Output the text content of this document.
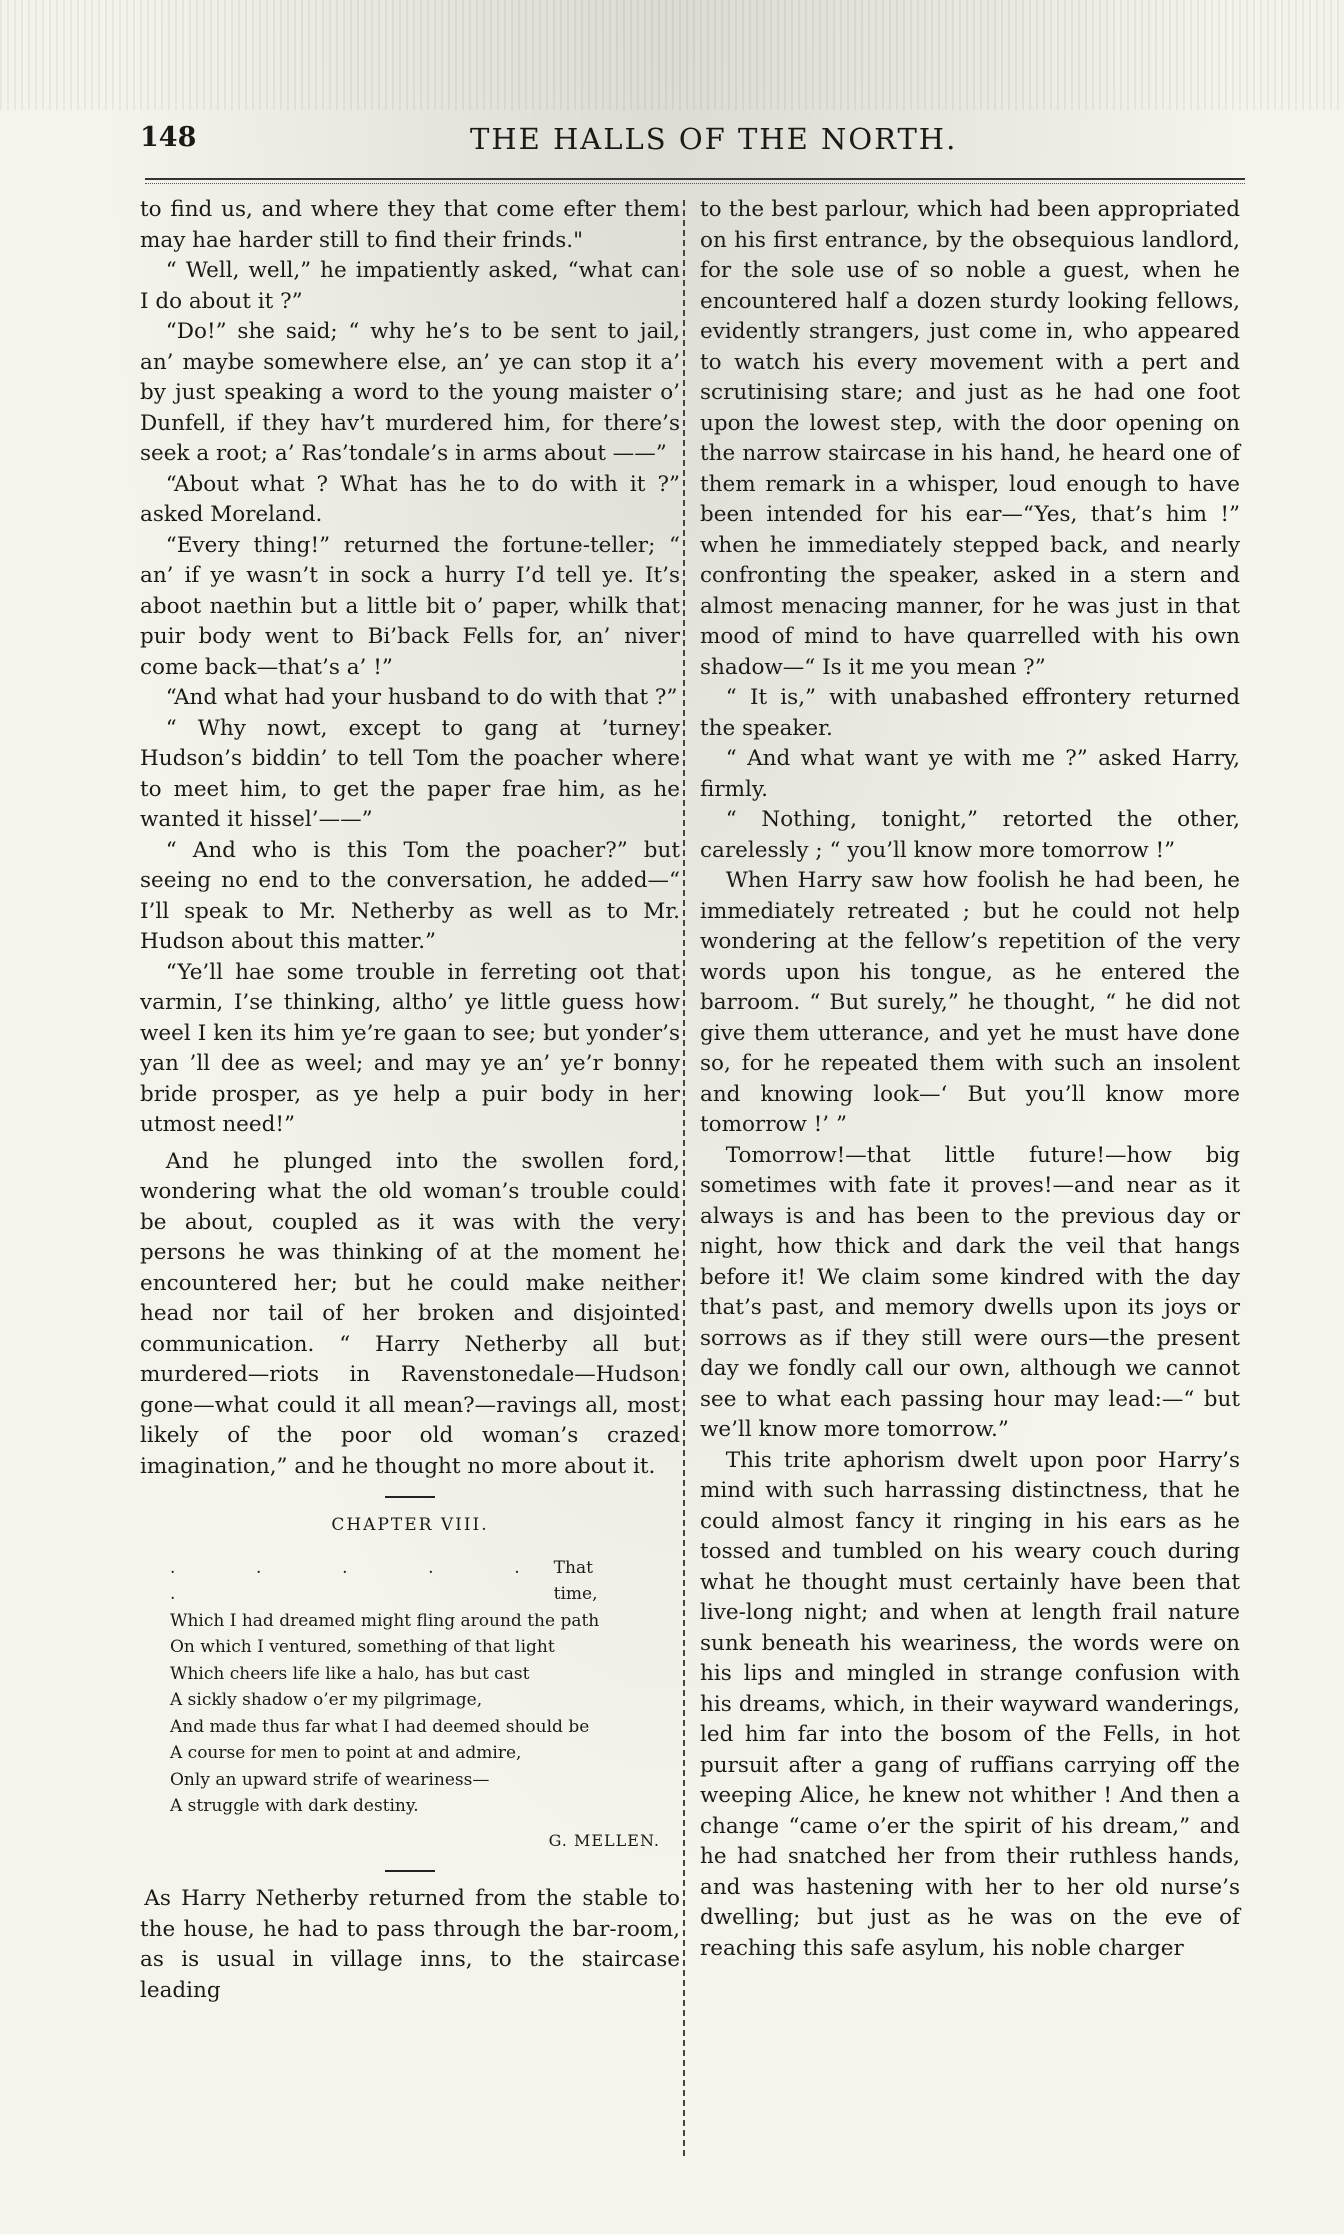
148	THE HALLS OF THE NORTH.

to find us, and where they that come efter them may hae harder still to find their frinds."

“ Well, well,” he impatiently asked, “what can I do about it ?”

“Do!” she said; “ why he’s to be sent to jail, an’ maybe somewhere else, an’ ye can stop it a’ by just speaking a word to the young maister o’ Dunfell, if they hav’t murdered him, for there’s seek a root; a’ Ras’tondale’s in arms about ——”

“About what ? What has he to do with it ?” asked Moreland.

“Every thing!” returned the fortune-teller; “ an’ if ye wasn’t in sock a hurry I’d tell ye. It’s aboot naethin but a little bit o’ paper, whilk that puir body went to Bi’back Fells for, an’ niver come back—that’s a’ !”

“And what had your husband to do with that ?”

“ Why nowt, except to gang at ’turney Hudson’s biddin’ to tell Tom the poacher where to meet him, to get the paper frae him, as he wanted it hissel’——”

“ And who is this Tom the poacher?” but seeing no end to the conversation, he added—“ I’ll speak to Mr. Netherby as well as to Mr. Hudson about this matter.”

“Ye’ll hae some trouble in ferreting oot that varmin, I’se thinking, altho’ ye little guess how weel I ken its him ye’re gaan to see; but yonder’s yan ’ll dee as weel; and may ye an’ ye’r bonny bride prosper, as ye help a puir body in her utmost need!”

And he plunged into the swollen ford, wondering what the old woman’s trouble could be about, coupled as it was with the very persons he was thinking of at the moment he encountered her; but he could make neither head nor tail of her broken and disjointed communication. “ Harry Netherby all but murdered—riots in Ravenstonedale—Hudson gone—what could it all mean?—ravings all, most likely of the poor old woman’s crazed imagination,” and he thought no more about it.

CHAPTER VIII.
. . . . . .
That time,
Which I had dreamed might fling around the path
On which I ventured, something of that light
Which cheers life like a halo, has but cast
A sickly shadow o’er my pilgrimage,
And made thus far what I had deemed should be
A course for men to point at and admire,
Only an upward strife of weariness—
A struggle with dark destiny.
G. MELLEN.

As Harry Netherby returned from the stable to the house, he had to pass through the bar-room, as is usual in village inns, to the staircase leading

to the best parlour, which had been appropriated on his first entrance, by the obsequious landlord, for the sole use of so noble a guest, when he encountered half a dozen sturdy looking fellows, evidently strangers, just come in, who appeared to watch his every movement with a pert and scrutinising stare; and just as he had one foot upon the lowest step, with the door opening on the narrow staircase in his hand, he heard one of them remark in a whisper, loud enough to have been intended for his ear—“Yes, that’s him !” when he immediately stepped back, and nearly confronting the speaker, asked in a stern and almost menacing manner, for he was just in that mood of mind to have quarrelled with his own shadow—“ Is it me you mean ?”

“ It is,” with unabashed effrontery returned the speaker.

“ And what want ye with me ?” asked Harry, firmly.

“ Nothing, tonight,” retorted the other, carelessly ; “ you’ll know more tomorrow !”

When Harry saw how foolish he had been, he immediately retreated ; but he could not help wondering at the fellow’s repetition of the very words upon his tongue, as he entered the barroom. “ But surely,” he thought, “ he did not give them utterance, and yet he must have done so, for he repeated them with such an insolent and knowing look—‘ But you’ll know more tomorrow !’ ”

Tomorrow!—that little future!—how big sometimes with fate it proves!—and near as it always is and has been to the previous day or night, how thick and dark the veil that hangs before it! We claim some kindred with the day that’s past, and memory dwells upon its joys or sorrows as if they still were ours—the present day we fondly call our own, although we cannot see to what each passing hour may lead:—“ but we’ll know more tomorrow.”

This trite aphorism dwelt upon poor Harry’s mind with such harrassing distinctness, that he could almost fancy it ringing in his ears as he tossed and tumbled on his weary couch during what he thought must certainly have been that live-long night; and when at length frail nature sunk beneath his weariness, the words were on his lips and mingled in strange confusion with his dreams, which, in their wayward wanderings, led him far into the bosom of the Fells, in hot pursuit after a gang of ruffians carrying off the weeping Alice, he knew not whither ! And then a change “came o’er the spirit of his dream,” and he had snatched her from their ruthless hands, and was hastening with her to her old nurse’s dwelling; but just as he was on the eve of reaching this safe asylum, his noble charger
